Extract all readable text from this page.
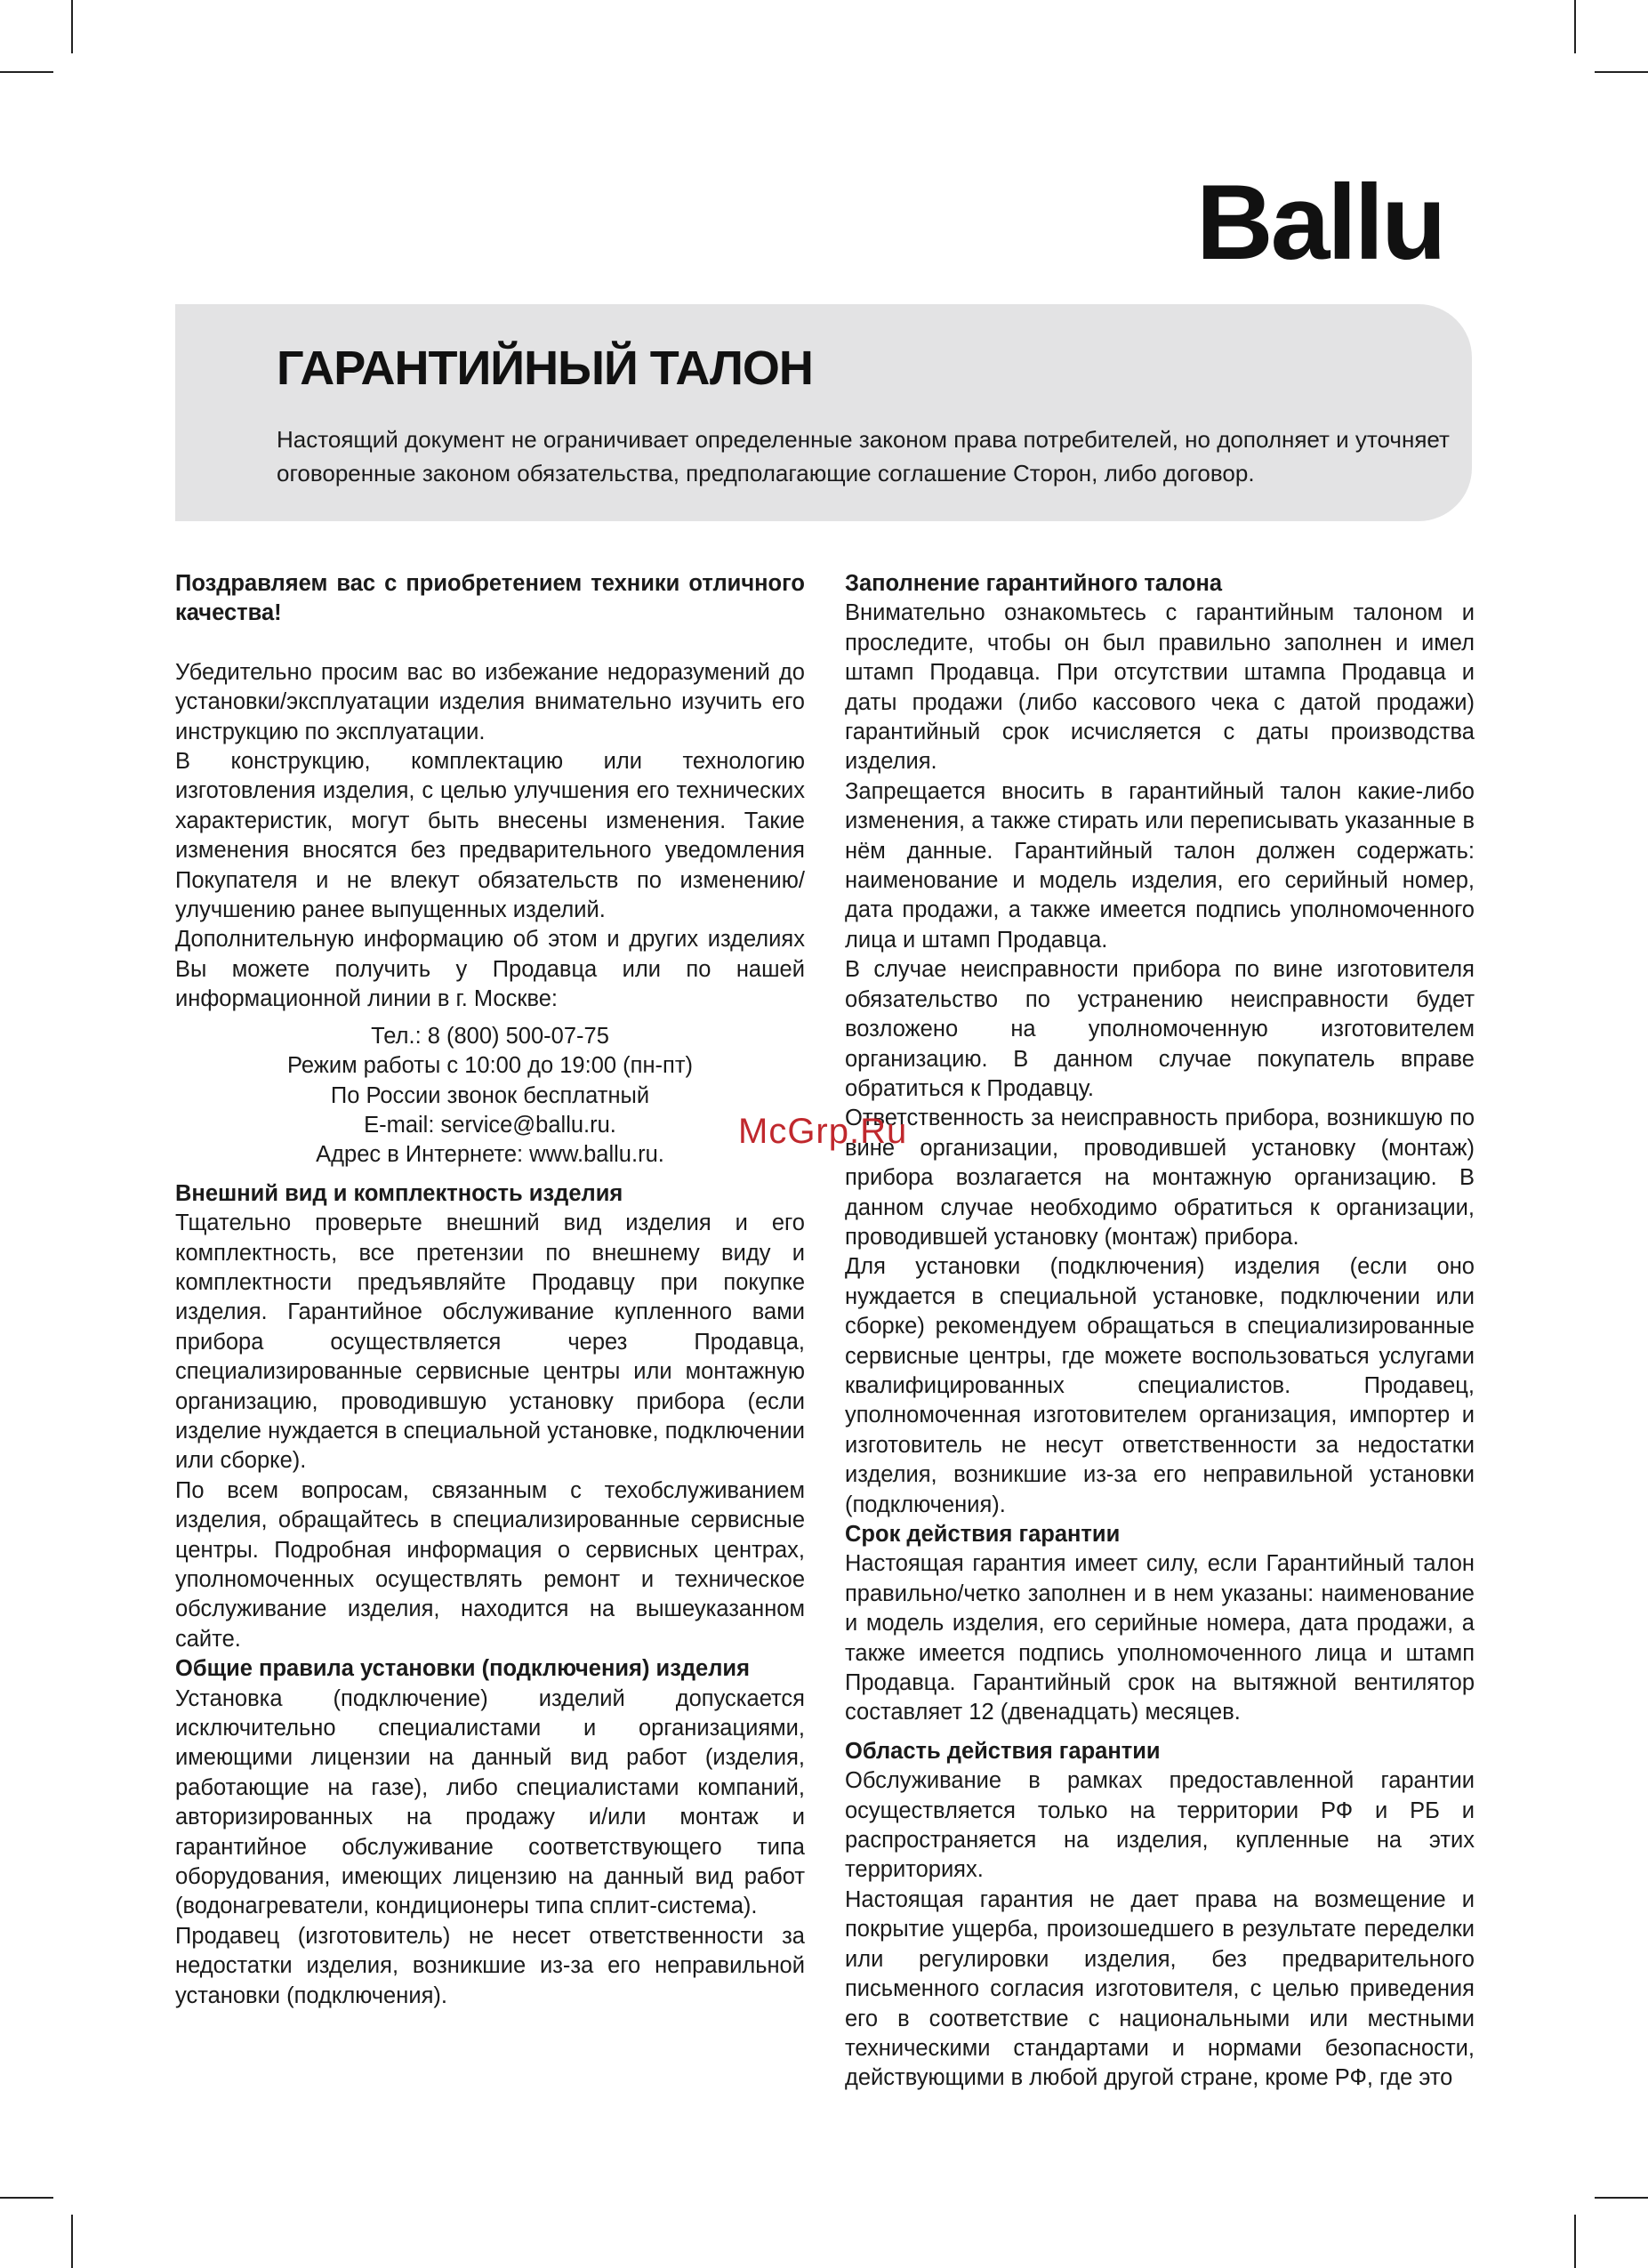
Ballu
ГАРАНТИЙНЫЙ ТАЛОН

Настоящий документ не ограничивает определенные законом права потребителей, но дополняет и уточняет оговоренные законом обязательства, предполагающие соглашение Сторон, либо договор.

Поздравляем вас с приобретением техники отличного качества!

Убедительно просим вас во избежание недоразумений до установки/эксплуатации изделия внимательно изучить его инструкцию по эксплуатации.

В конструкцию, комплектацию или технологию изготовления изделия, с целью улучшения его технических характеристик, могут быть внесены изменения. Такие изменения вносятся без предварительного уведомления Покупателя и не влекут обязательств по изменению/улучшению ранее выпущенных изделий.

Дополнительную информацию об этом и других изделиях Вы можете получить у Продавца или по нашей информационной линии в г. Москве:

Тел.: 8 (800) 500-07-75
Режим работы с 10:00 до 19:00 (пн-пт)
По России звонок бесплатный
E-mail: service@ballu.ru.
Адрес в Интернете: www.ballu.ru.
Внешний вид и комплектность изделия

Тщательно проверьте внешний вид изделия и его комплектность, все претензии по внешнему виду и комплектности предъявляйте Продавцу при покупке изделия. Гарантийное обслуживание купленного вами прибора осуществляется через Продавца, специализированные сервисные центры или монтажную организацию, проводившую установку прибора (если изделие нуждается в специальной установке, подключении или сборке).

По всем вопросам, связанным с техобслуживанием изделия, обращайтесь в специализированные сервисные центры. Подробная информация о сервисных центрах, уполномоченных осуществлять ремонт и техническое обслуживание изделия, находится на вышеуказанном сайте.

Общие правила установки (подключения) изделия

Установка (подключение) изделий допускается исключительно специалистами и организациями, имеющими лицензии на данный вид работ (изделия, работающие на газе), либо специалистами компаний, авторизированных на продажу и/или монтаж и гарантийное обслуживание соответствующего типа оборудования, имеющих лицензию на данный вид работ (водонагреватели, кондиционеры типа сплит-система).

Продавец (изготовитель) не несет ответственности за недостатки изделия, возникшие из-за его неправильной установки (подключения).

Заполнение гарантийного талона

Внимательно ознакомьтесь с гарантийным талоном и проследите, чтобы он был правильно заполнен и имел штамп Продавца. При отсутствии штампа Продавца и даты продажи (либо кассового чека с датой продажи) гарантийный срок исчисляется с даты производства изделия.

Запрещается вносить в гарантийный талон какие-либо изменения, а также стирать или переписывать указанные в нём данные. Гарантийный талон должен содержать: наименование и модель изделия, его серийный номер, дата продажи, а также имеется подпись уполномоченного лица и штамп Продавца.

В случае неисправности прибора по вине изготовителя обязательство по устранению неисправности будет возложено на уполномоченную изготовителем организацию. В данном случае покупатель вправе обратиться к Продавцу.

Ответственность за неисправность прибора, возникшую по вине организации, проводившей установку (монтаж) прибора возлагается на монтажную организацию. В данном случае необходимо обратиться к организации, проводившей установку (монтаж) прибора.

Для установки (подключения) изделия (если оно нуждается в специальной установке, подключении или сборке) рекомендуем обращаться в специализированные сервисные центры, где можете воспользоваться услугами квалифицированных специалистов. Продавец, уполномоченная изготовителем организация, импортер и изготовитель не несут ответственности за недостатки изделия, возникшие из-за его неправильной установки (подключения).

Срок действия гарантии

Настоящая гарантия имеет силу, если Гарантийный талон правильно/четко заполнен и в нем указаны: наименование и модель изделия, его серийные номера, дата продажи, а также имеется подпись уполномоченного лица и штамп Продавца. Гарантийный срок на вытяжной вентилятор составляет 12 (двенадцать) месяцев.

Область действия гарантии

Обслуживание в рамках предоставленной гарантии осуществляется только на территории РФ и РБ и распространяется на изделия, купленные на этих территориях.

Настоящая гарантия не дает права на возмещение и покрытие ущерба, произошедшего в результате переделки или регулировки изделия, без предварительного письменного согласия изготовителя, с целью приведения его в соответствие с национальными или местными техническими стандартами и нормами безопасности, действующими в любой другой стране, кроме РФ, где это

McGrp.Ru
